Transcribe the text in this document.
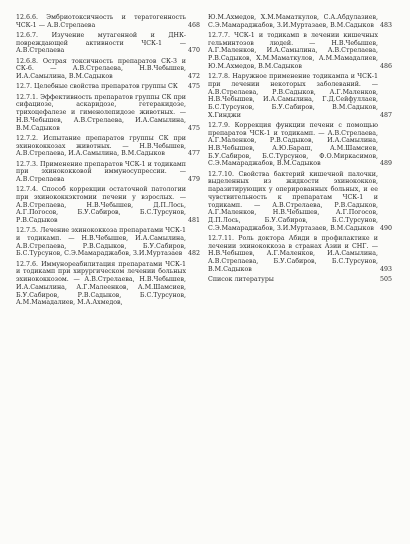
12.6.6. Эмбриотоксичность и тератогенность ЧСК-1 — А.В.Стрелаева	468
12.6.7. Изучение мутагенной и ДНК-повреждающей активности ЧСК-1 — А.В.Стрелаева	470
12.6.8. Острая токсичность препаратов СК-3 и СК-6. — А.В.Стрелаева, Н.В.Чебышев, И.А.Самылина, В.М.Садыков	472
12.7. Целебные свойства препаратов группы СК	475
12.7.1. Эффективность препаратов группы СК при сифациозе, аскаридозе, гетеракидозе, трихоцефалезе и гименолепидозе животных. — Н.В.Чебышев, А.В.Стрелаева, И.А.Самылина, В.М.Садыков	475
12.7.2. Испытание препаратов группы СК при эхинококкозах животных. — Н.В.Чебышев, А.В.Стрелаева, И.А.Самылина, В.М.Садыков	477
12.7.3. Применение препаратов ЧСК-1 и тодикамп при эхинококковой иммуносупрессии. — А.В.Стрелаева	479
12.7.4. Способ коррекции остаточной патологии при эхинококкэктомии печени у взрослых. — А.В.Стрелаева, Н.В.Чебышев, Д.П.Лось, А.Г.Погосов, Б.У.Сабиров, Б.С.Турсунов, Р.В.Садыков	481
12.7.5. Лечение эхинококкоза препаратами ЧСК-1 и тодикамп. — Н.В.Чебышев, И.А.Самылина, А.В.Стрелаева, Р.В.Садыков, Б.У.Сабиров, Б.С.Турсунов, С.Э.Мамараджабов, З.И.Муртазаев 482
12.7.6. Иммунореабилитация препаратами ЧСК-1 и тодикамп при хирургическом лечении больных эхинококкозом. — А.В.Стрелаева, Н.В.Чебышев, И.А.Самылина, А.Г.Малеенков, А.М.Шамсиев, Б.У.Сабиров, Р.В.Садыков, Б.С.Турсунов, А.М.Мамадалиев, М.А.Ахмедов,
Ю.М.Ахмедов, Х.М.Маматкулов, С.А.Абдулазиев, С.Э.Мамараджабов, З.И.Муртазаев, В.М.Садыков 483
12.7.7. ЧСК-1 и тодикамп в лечении кишечных гельминтозов людей. — Н.В.Чебышев, А.Г.Маленков, И.А.Самылина, А.В.Стрелаева, Р.В.Садыков, Х.М.Маматкулов, А.М.Мамадалиев, Ю.М.Ахмедов, В.М.Садыков	486
12.7.8. Наружное применение тодикампа и ЧСК-1 при лечении некоторых заболеваний. — А.В.Стрелаева, Р.В.Садыков, А.Г.Маленков, Н.В.Чебышев, И.А.Самылина, Г.Д.Сейфуллаев, Б.С.Турсунов, Б.У.Сабиров, В.М.Садыков, Х.Гинджи	487
12.7.9. Коррекция функции печени с помощью препаратов ЧСК-1 и тодикамп. — А.В.Стрелаева, А.Г.Маленков, Р.В.Садыков, И.А.Самылина, Н.В.Чебышев, А.Ю.Бараш, А.М.Шамсиев, Б.У.Сабиров, Б.С.Турсунов, Ф.О.Миркасимов, С.Э.Мамараджабов, В.М.Садыков	489
12.7.10. Свойства бактерий кишечной палочки, выделенных из жидкости эхинококков, паразитирующих у оперированных больных, и ее чувствительность к препаратам ЧСК-1 и тодикамп. — А.В.Стрелаева, Р.В.Садыков, А.Г.Маленков, Н.В.Чебышев, А.Г.Погосов, Д.П.Лось, Б.У.Сабиров, Б.С.Турсунов, С.Э.Мамараджабов, З.И.Муртазаев, В.М.Садыков 490
12.7.11. Роль доктора Абиди в профилактике и лечении эхинококкоза в странах Азии и СНГ. — Н.В.Чебышев, А.Г.Маленков, И.А.Самылина, А.В.Стрелаева, Б.У.Сабиров, Б.С.Турсунов, В.М.Садыков	493
Список литературы	505
